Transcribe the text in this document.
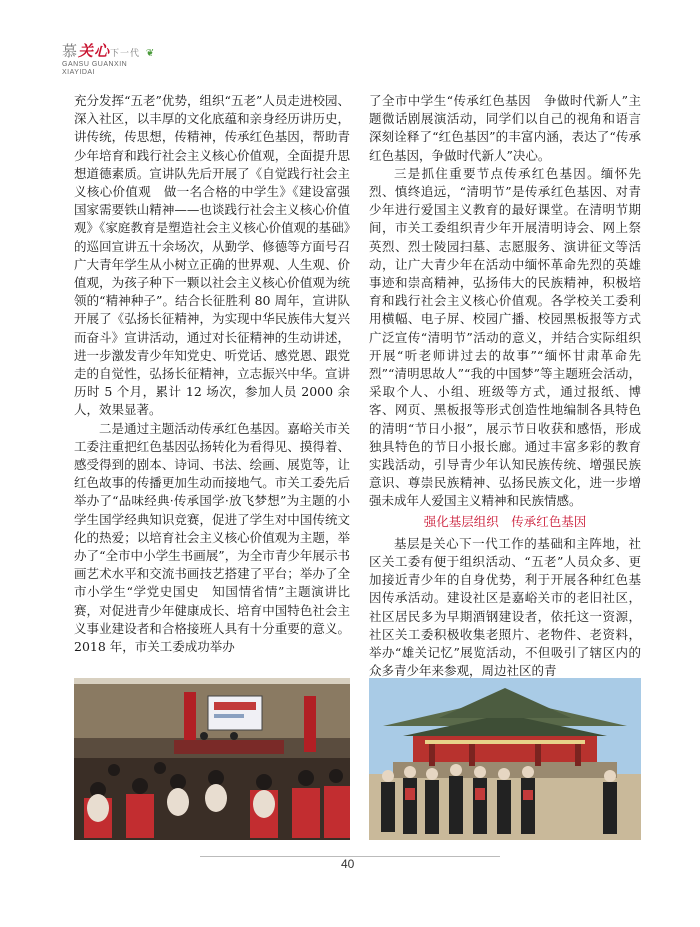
慕关心下一代 ❦
GANSU GUANXIN
XIAYIDAI

充分发挥“五老”优势，组织“五老”人员走进校园、深入社区，以丰厚的文化底蕴和亲身经历讲历史，讲传统，传思想，传精神，传承红色基因，帮助青少年培育和践行社会主义核心价值观，全面提升思想道德素质。宣讲队先后开展了《自觉践行社会主义核心价值观　做一名合格的中学生》《建设富强国家需要铁山精神——也谈践行社会主义核心价值观》《家庭教育是塑造社会主义核心价值观的基础》的巡回宣讲五十余场次，从勤学、修德等方面号召广大青年学生从小树立正确的世界观、人生观、价值观，为孩子种下一颗以社会主义核心价值观为统领的“精神种子”。结合长征胜利 80 周年，宣讲队开展了《弘扬长征精神，为实现中华民族伟大复兴而奋斗》宣讲活动，通过对长征精神的生动讲述，进一步激发青少年知党史、听党话、感党恩、跟党走的自觉性，弘扬长征精神，立志振兴中华。宣讲历时 5 个月，累计 12 场次，参加人员 2000 余人，效果显著。

二是通过主题活动传承红色基因。嘉峪关市关工委注重把红色基因弘扬转化为看得见、摸得着、感受得到的剧本、诗词、书法、绘画、展览等，让红色故事的传播更加生动而接地气。市关工委先后举办了“品味经典·传承国学·放飞梦想”为主题的小学生国学经典知识竞赛，促进了学生对中国传统文化的热爱；以培育社会主义核心价值观为主题，举办了“全市中小学生书画展”，为全市青少年展示书画艺术水平和交流书画技艺搭建了平台；举办了全市小学生“学党史国史　知国情省情”主题演讲比赛，对促进青少年健康成长、培育中国特色社会主义事业建设者和合格接班人具有十分重要的意义。2018 年，市关工委成功举办

了全市中学生“传承红色基因　争做时代新人”主题微话剧展演活动，同学们以自己的视角和语言深刻诠释了“红色基因”的丰富内涵，表达了“传承红色基因，争做时代新人”决心。

三是抓住重要节点传承红色基因。缅怀先烈、慎终追远，“清明节”是传承红色基因、对青少年进行爱国主义教育的最好课堂。在清明节期间，市关工委组织青少年开展清明诗会、网上祭英烈、烈士陵园扫墓、志愿服务、演讲征文等活动，让广大青少年在活动中缅怀革命先烈的英雄事迹和崇高精神，弘扬伟大的民族精神，积极培育和践行社会主义核心价值观。各学校关工委利用横幅、电子屏、校园广播、校园黑板报等方式广泛宣传“清明节”活动的意义，并结合实际组织开展“听老师讲过去的故事”“缅怀甘肃革命先烈”“清明思故人”“我的中国梦”等主题班会活动，采取个人、小组、班级等方式，通过报纸、博客、网页、黑板报等形式创造性地编制各具特色的清明“节日小报”，展示节日收获和感悟，形成独具特色的节日小报长廊。通过丰富多彩的教育实践活动，引导青少年认知民族传统、增强民族意识、尊崇民族精神、弘扬民族文化，进一步增强未成年人爱国主义精神和民族情感。

强化基层组织　传承红色基因

基层是关心下一代工作的基础和主阵地，社区关工委有便于组织活动、“五老”人员众多、更加接近青少年的自身优势，利于开展各种红色基因传承活动。建设社区是嘉峪关市的老旧社区，社区居民多为早期酒钢建设者，依托这一资源，社区关工委积极收集老照片、老物件、老资料，举办“雄关记忆”展览活动，不但吸引了辖区内的众多青少年来参观，周边社区的青

40
